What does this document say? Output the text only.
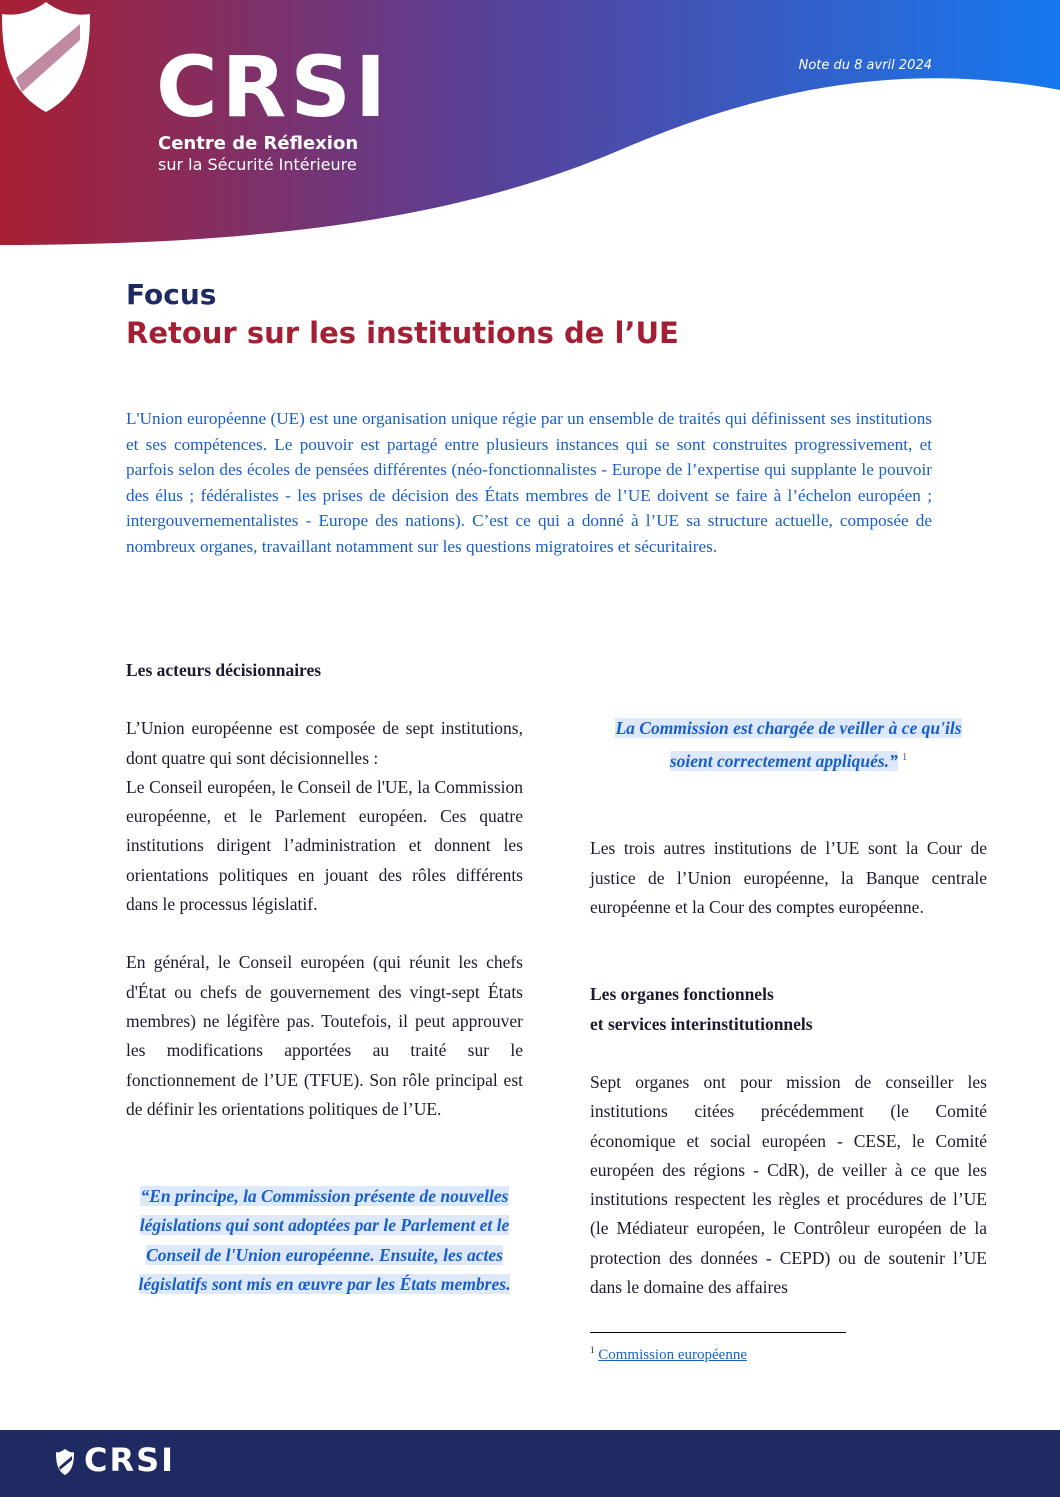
CRSI
Centre de Réflexion
sur la Sécurité Intérieure
Note du 8 avril 2024
Focus
Retour sur les institutions de l’UE

L'Union européenne (UE) est une organisation unique régie par un ensemble de traités qui définissent ses institutions et ses compétences. Le pouvoir est partagé entre plusieurs instances qui se sont construites progressivement, et parfois selon des écoles de pensées différentes (néo-fonctionnalistes - Europe de l’expertise qui supplante le pouvoir des élus ; fédéralistes - les prises de décision des États membres de l’UE doivent se faire à l’échelon européen ; intergouvernementalistes - Europe des nations). C’est ce qui a donné à l’UE sa structure actuelle, composée de nombreux organes, travaillant notamment sur les questions migratoires et sécuritaires.

Les acteurs décisionnaires

L’Union européenne est composée de sept institutions, dont quatre qui sont décisionnelles :

Le Conseil européen, le Conseil de l'UE, la Commission européenne, et le Parlement européen. Ces quatre institutions dirigent l’administration et donnent les orientations politiques en jouant des rôles différents dans le processus législatif.

En général, le Conseil européen (qui réunit les chefs d'État ou chefs de gouvernement des vingt-sept États membres) ne légifère pas. Toutefois, il peut approuver les modifications apportées au traité sur le fonctionnement de l’UE (TFUE). Son rôle principal est de définir les orientations politiques de l’UE.

“En principe, la Commission présente de nouvelles législations qui sont adoptées par le Parlement et le Conseil de l'Union européenne. Ensuite, les actes législatifs sont mis en œuvre par les États membres.
La Commission est chargée de veiller à ce qu'ils soient correctement appliqués.” $^1$

Les trois autres institutions de l’UE sont la Cour de justice de l’Union européenne, la Banque centrale européenne et la Cour des comptes européenne.

Les organes fonctionnels
et services interinstitutionnels

Sept organes ont pour mission de conseiller les institutions citées précédemment (le Comité économique et social européen - CESE, le Comité européen des régions - CdR), de veiller à ce que les institutions respectent les règles et procédures de l’UE (le Médiateur européen, le Contrôleur européen de la protection des données - CEPD) ou de soutenir l’UE dans le domaine des affaires

$^1$ Commission européenne
CRSI
